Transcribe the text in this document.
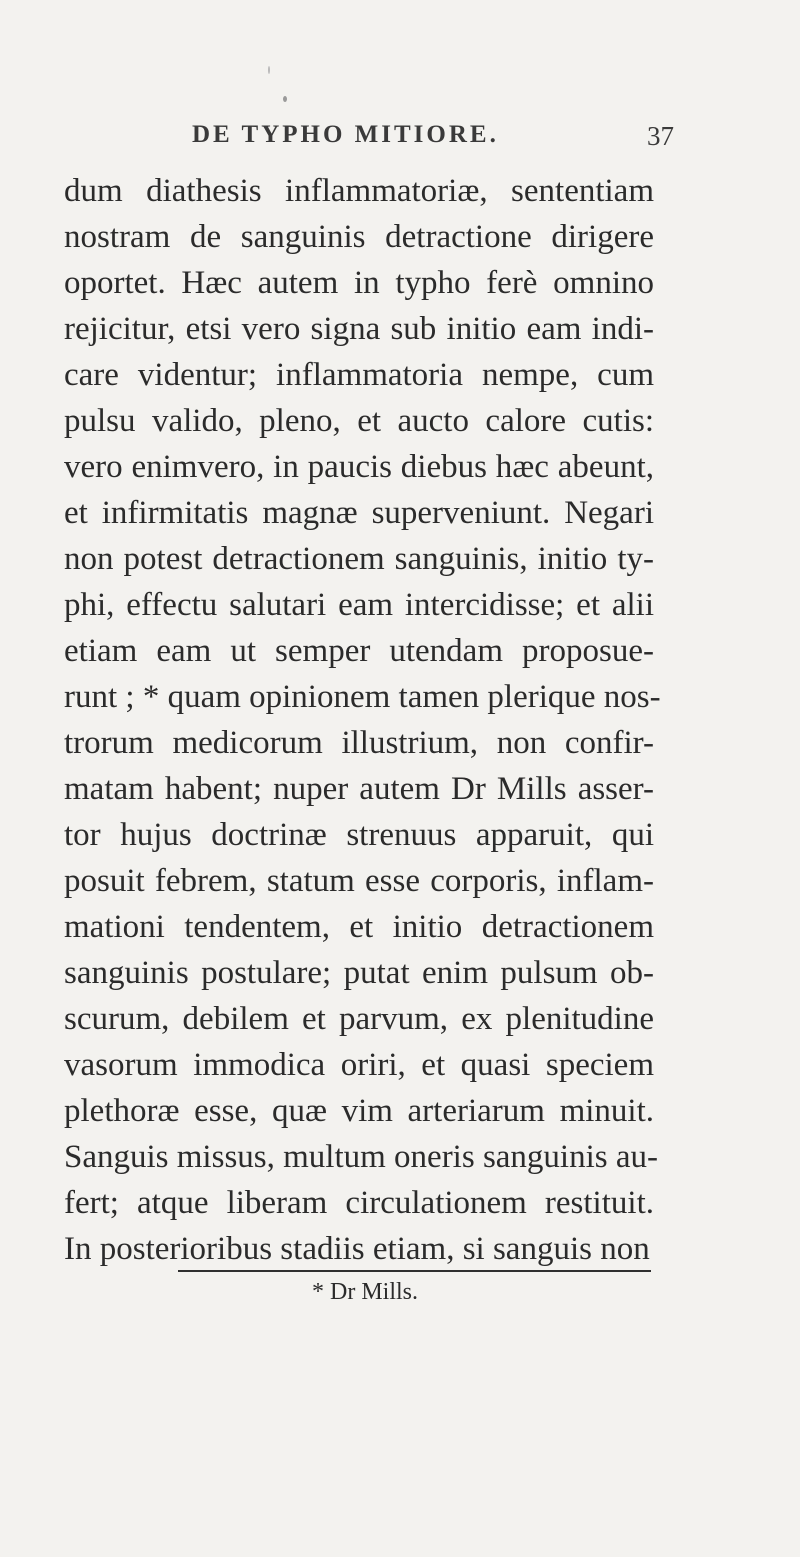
DE TYPHO MITIORE.	37
dum diathesis inflammatoriæ, sententiam
nostram de sanguinis detractione dirigere
oportet. Hæc autem in typho ferè omnino
rejicitur, etsi vero signa sub initio eam indi-
care videntur; inflammatoria nempe, cum
pulsu valido, pleno, et aucto calore cutis:
vero enimvero, in paucis diebus hæc abeunt,
et infirmitatis magnæ superveniunt. Negari
non potest detractionem sanguinis, initio ty-
phi, effectu salutari eam intercidisse; et alii
etiam eam ut semper utendam proposue-
runt ; * quam opinionem tamen plerique nos-
trorum medicorum illustrium, non confir-
matam habent; nuper autem Dr Mills asser-
tor hujus doctrinæ strenuus apparuit, qui
posuit febrem, statum esse corporis, inflam-
mationi tendentem, et initio detractionem
sanguinis postulare; putat enim pulsum ob-
scurum, debilem et parvum, ex plenitudine
vasorum immodica oriri, et quasi speciem
plethoræ esse, quæ vim arteriarum minuit.
Sanguis missus, multum oneris sanguinis au-
fert; atque liberam circulationem restituit.
In posterioribus stadiis etiam, si sanguis non
* Dr Mills.
